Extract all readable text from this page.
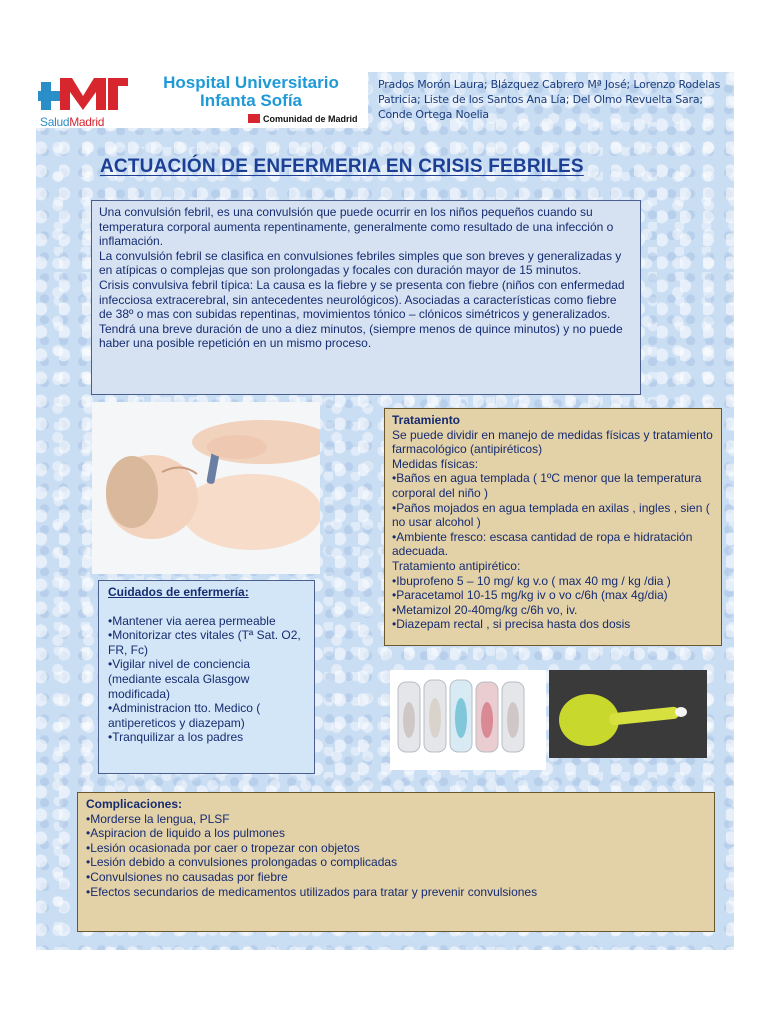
SaludMadrid
Hospital Universitario
Infanta Sofía
Comunidad de Madrid
Prados Morón Laura; Blázquez Cabrero Mª José; Lorenzo Rodelas Patricia; Liste de los Santos Ana Lía; Del Olmo Revuelta Sara; Conde Ortega Noelia
ACTUACIÓN DE ENFERMERIA EN CRISIS FEBRILES

Una convulsión febril, es una convulsión que puede ocurrir en los niños pequeños cuando su temperatura corporal aumenta repentinamente, generalmente como resultado de una infección o inflamación.

La convulsión febril se clasifica en convulsiones febriles simples que son breves y generalizadas y en atípicas o complejas que son prolongadas y focales con duración mayor de 15 minutos.

Crisis convulsiva febril típica: La causa es la fiebre y se presenta con fiebre (niños con enfermedad infecciosa extracerebral, sin antecedentes neurológicos). Asociadas a características como fiebre de 38º o mas con subidas repentinas, movimientos tónico – clónicos simétricos y generalizados. Tendrá una breve duración de uno a diez minutos, (siempre menos de quince minutos) y no puede haber una posible repetición en un mismo proceso.

Tratamiento

Se puede dividir en manejo de medidas físicas y tratamiento farmacológico (antipiréticos)

Medidas físicas:

•Baños en agua templada ( 1ºC menor que la temperatura corporal del niño )

•Paños mojados en agua templada en axilas , ingles , sien ( no usar alcohol )

•Ambiente fresco: escasa cantidad de ropa e hidratación adecuada.

Tratamiento antipirético:

•Ibuprofeno 5 – 10 mg/ kg v.o ( max 40 mg / kg /dia )

•Paracetamol 10-15 mg/kg iv o vo c/6h (max 4g/dia)

•Metamizol 20-40mg/kg c/6h vo, iv.

•Diazepam rectal , si precisa hasta dos dosis

Cuidados de enfermería:

•Mantener via aerea permeable

•Monitorizar ctes vitales (Tª Sat. O2, FR, Fc)

•Vigilar nivel de conciencia (mediante escala Glasgow modificada)

•Administracion tto. Medico ( antipereticos y diazepam)

•Tranquilizar a los padres

Complicaciones:

•Morderse la lengua, PLSF

•Aspiracion de liquido a los pulmones

•Lesión ocasionada por caer o tropezar con objetos

•Lesión debido a convulsiones prolongadas o complicadas

•Convulsiones no causadas por fiebre

•Efectos secundarios de medicamentos utilizados para tratar y prevenir convulsiones
